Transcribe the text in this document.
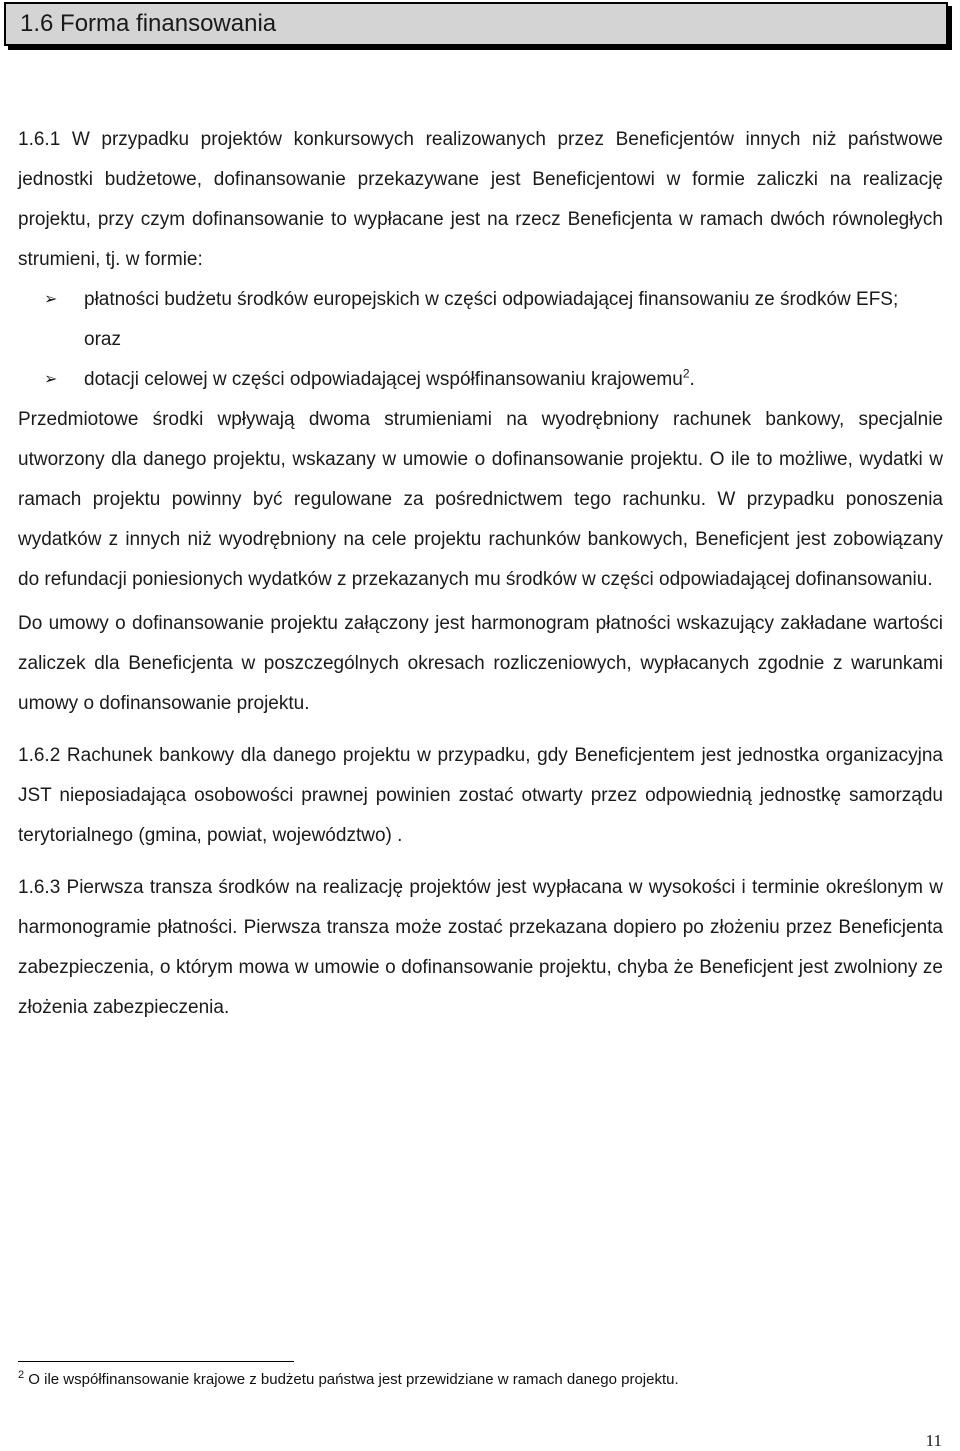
1.6 Forma finansowania

1.6.1 W przypadku projektów konkursowych realizowanych przez Beneficjentów innych niż państwowe jednostki budżetowe, dofinansowanie przekazywane jest Beneficjentowi w formie zaliczki na realizację projektu, przy czym dofinansowanie to wypłacane jest na rzecz Beneficjenta w ramach dwóch równoległych strumieni, tj. w formie:

➢ płatności budżetu środków europejskich w części odpowiadającej finansowaniu ze środków EFS;

oraz

➢ dotacji celowej w części odpowiadającej współfinansowaniu krajowemu$^2$.

Przedmiotowe środki wpływają dwoma strumieniami na wyodrębniony rachunek bankowy, specjalnie utworzony dla danego projektu, wskazany w umowie o dofinansowanie projektu. O ile to możliwe, wydatki w ramach projektu powinny być regulowane za pośrednictwem tego rachunku. W przypadku ponoszenia wydatków z innych niż wyodrębniony na cele projektu rachunków bankowych, Beneficjent jest zobowiązany do refundacji poniesionych wydatków z przekazanych mu środków w części odpowiadającej dofinansowaniu.

Do umowy o dofinansowanie projektu załączony jest harmonogram płatności wskazujący zakładane wartości zaliczek dla Beneficjenta w poszczególnych okresach rozliczeniowych, wypłacanych zgodnie z warunkami umowy o dofinansowanie projektu.

1.6.2 Rachunek bankowy dla danego projektu w przypadku, gdy Beneficjentem jest jednostka organizacyjna JST nieposiadająca osobowości prawnej powinien zostać otwarty przez odpowiednią jednostkę samorządu terytorialnego (gmina, powiat, województwo) .

1.6.3 Pierwsza transza środków na realizację projektów jest wypłacana w wysokości i terminie określonym w harmonogramie płatności. Pierwsza transza może zostać przekazana dopiero po złożeniu przez Beneficjenta zabezpieczenia, o którym mowa w umowie o dofinansowanie projektu, chyba że Beneficjent jest zwolniony ze złożenia zabezpieczenia.

$^2$ O ile współfinansowanie krajowe z budżetu państwa jest przewidziane w ramach danego projektu.
11
